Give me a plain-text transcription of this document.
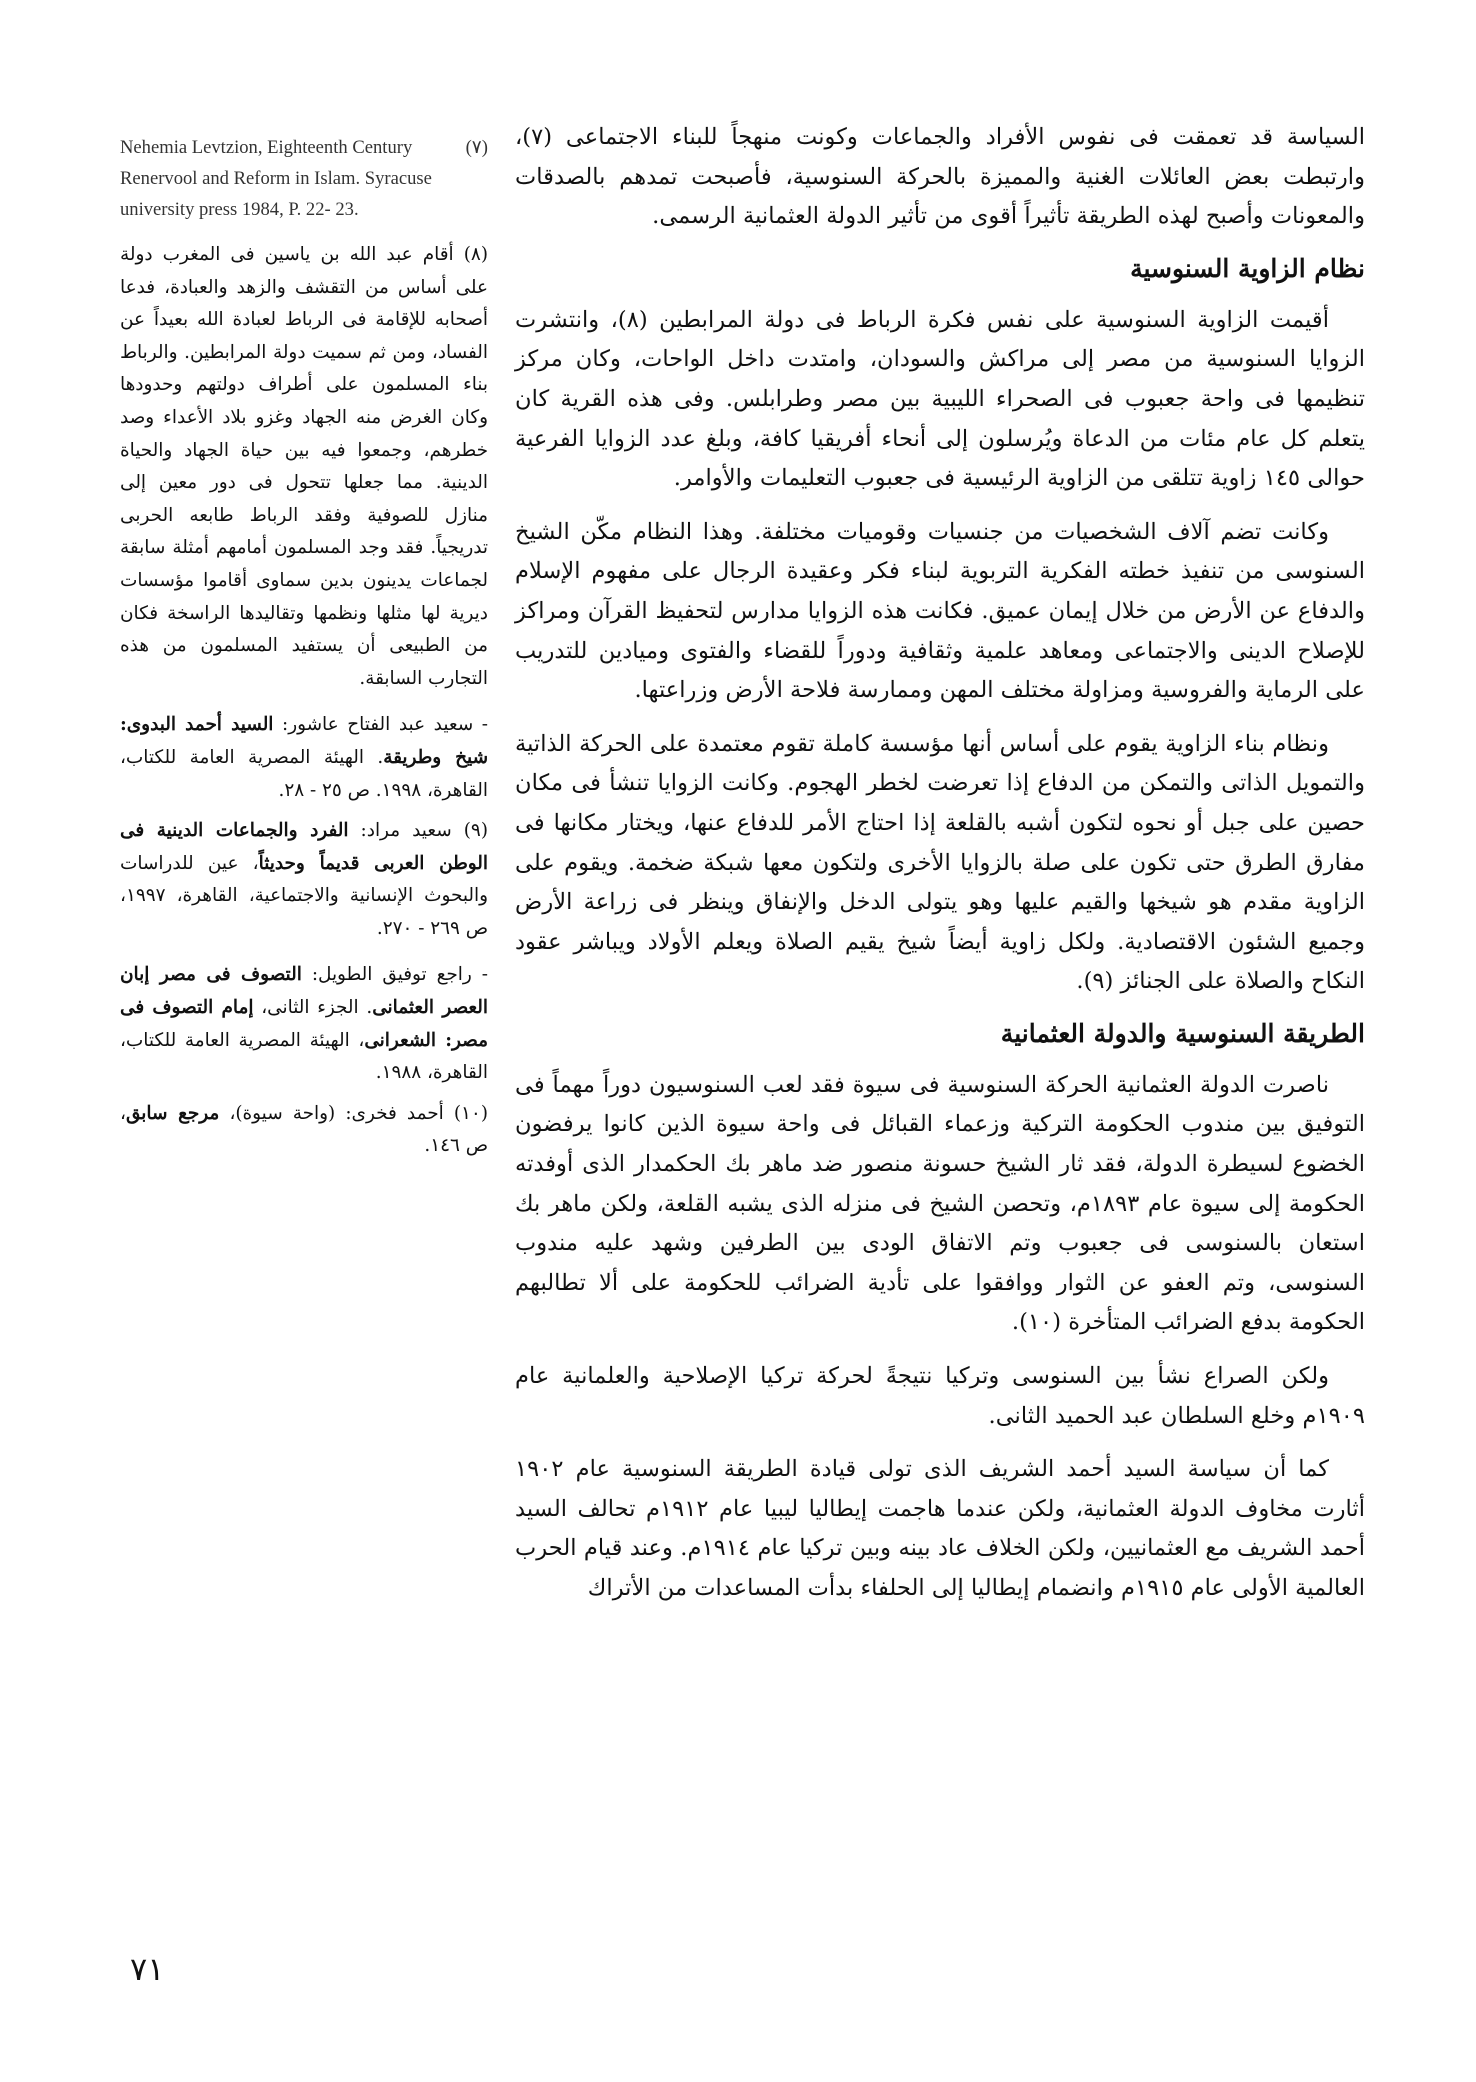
السياسة قد تعمقت فى نفوس الأفراد والجماعات وكونت منهجاً للبناء الاجتماعى (٧)، وارتبطت بعض العائلات الغنية والمميزة بالحركة السنوسية، فأصبحت تمدهم بالصدقات والمعونات وأصبح لهذه الطريقة تأثيراً أقوى من تأثير الدولة العثمانية الرسمى.

نظام الزاوية السنوسية

أقيمت الزاوية السنوسية على نفس فكرة الرباط فى دولة المرابطين (٨)، وانتشرت الزوايا السنوسية من مصر إلى مراكش والسودان، وامتدت داخل الواحات، وكان مركز تنظيمها فى واحة جعبوب فى الصحراء الليبية بين مصر وطرابلس. وفى هذه القرية كان يتعلم كل عام مئات من الدعاة ويُرسلون إلى أنحاء أفريقيا كافة، وبلغ عدد الزوايا الفرعية حوالى ١٤٥ زاوية تتلقى من الزاوية الرئيسية فى جعبوب التعليمات والأوامر.

وكانت تضم آلاف الشخصيات من جنسيات وقوميات مختلفة. وهذا النظام مكّن الشيخ السنوسى من تنفيذ خطته الفكرية التربوية لبناء فكر وعقيدة الرجال على مفهوم الإسلام والدفاع عن الأرض من خلال إيمان عميق. فكانت هذه الزوايا مدارس لتحفيظ القرآن ومراكز للإصلاح الدينى والاجتماعى ومعاهد علمية وثقافية ودوراً للقضاء والفتوى وميادين للتدريب على الرماية والفروسية ومزاولة مختلف المهن وممارسة فلاحة الأرض وزراعتها.

ونظام بناء الزاوية يقوم على أساس أنها مؤسسة كاملة تقوم معتمدة على الحركة الذاتية والتمويل الذاتى والتمكن من الدفاع إذا تعرضت لخطر الهجوم. وكانت الزوايا تنشأ فى مكان حصين على جبل أو نحوه لتكون أشبه بالقلعة إذا احتاج الأمر للدفاع عنها، ويختار مكانها فى مفارق الطرق حتى تكون على صلة بالزوايا الأخرى ولتكون معها شبكة ضخمة. ويقوم على الزاوية مقدم هو شيخها والقيم عليها وهو يتولى الدخل والإنفاق وينظر فى زراعة الأرض وجميع الشئون الاقتصادية. ولكل زاوية أيضاً شيخ يقيم الصلاة ويعلم الأولاد ويباشر عقود النكاح والصلاة على الجنائز (٩).

الطريقة السنوسية والدولة العثمانية

ناصرت الدولة العثمانية الحركة السنوسية فى سيوة فقد لعب السنوسيون دوراً مهماً فى التوفيق بين مندوب الحكومة التركية وزعماء القبائل فى واحة سيوة الذين كانوا يرفضون الخضوع لسيطرة الدولة، فقد ثار الشيخ حسونة منصور ضد ماهر بك الحكمدار الذى أوفدته الحكومة إلى سيوة عام ١٨٩٣م، وتحصن الشيخ فى منزله الذى يشبه القلعة، ولكن ماهر بك استعان بالسنوسى فى جعبوب وتم الاتفاق الودى بين الطرفين وشهد عليه مندوب السنوسى، وتم العفو عن الثوار ووافقوا على تأدية الضرائب للحكومة على ألا تطالبهم الحكومة بدفع الضرائب المتأخرة (١٠).

ولكن الصراع نشأ بين السنوسى وتركيا نتيجةً لحركة تركيا الإصلاحية والعلمانية عام ١٩٠٩م وخلع السلطان عبد الحميد الثانى.

كما أن سياسة السيد أحمد الشريف الذى تولى قيادة الطريقة السنوسية عام ١٩٠٢ أثارت مخاوف الدولة العثمانية، ولكن عندما هاجمت إيطاليا ليبيا عام ١٩١٢م تحالف السيد أحمد الشريف مع العثمانيين، ولكن الخلاف عاد بينه وبين تركيا عام ١٩١٤م. وعند قيام الحرب العالمية الأولى عام ١٩١٥م وانضمام إيطاليا إلى الحلفاء بدأت المساعدات من الأتراك

(٧)
Nehemia Levtzion, Eighteenth Century Renervool and Reform in Islam. Syracuse university press 1984, P. 22- 23.
(٨) أقام عبد الله بن ياسين فى المغرب دولة على أساس من التقشف والزهد والعبادة، فدعا أصحابه للإقامة فى الرباط لعبادة الله بعيداً عن الفساد، ومن ثم سميت دولة المرابطين. والرباط بناء المسلمون على أطراف دولتهم وحدودها وكان الغرض منه الجهاد وغزو بلاد الأعداء وصد خطرهم، وجمعوا فيه بين حياة الجهاد والحياة الدينية. مما جعلها تتحول فى دور معين إلى منازل للصوفية وفقد الرباط طابعه الحربى تدريجياً. فقد وجد المسلمون أمامهم أمثلة سابقة لجماعات يدينون بدين سماوى أقاموا مؤسسات ديرية لها مثلها ونظمها وتقاليدها الراسخة فكان من الطبيعى أن يستفيد المسلمون من هذه التجارب السابقة.
- سعيد عبد الفتاح عاشور: السيد أحمد البدوى: شيخ وطريقة. الهيئة المصرية العامة للكتاب، القاهرة، ١٩٩٨. ص ٢٥ - ٢٨.
(٩) سعيد مراد: الفرد والجماعات الدينية فى الوطن العربى قديماً وحديثاً، عين للدراسات والبحوث الإنسانية والاجتماعية، القاهرة، ١٩٩٧، ص ٢٦٩ - ٢٧٠.
- راجع توفيق الطويل: التصوف فى مصر إبان العصر العثمانى. الجزء الثانى، إمام التصوف فى مصر: الشعرانى، الهيئة المصرية العامة للكتاب، القاهرة، ١٩٨٨.
(١٠) أحمد فخرى: (واحة سيوة)، مرجع سابق، ص ١٤٦.
٧١
